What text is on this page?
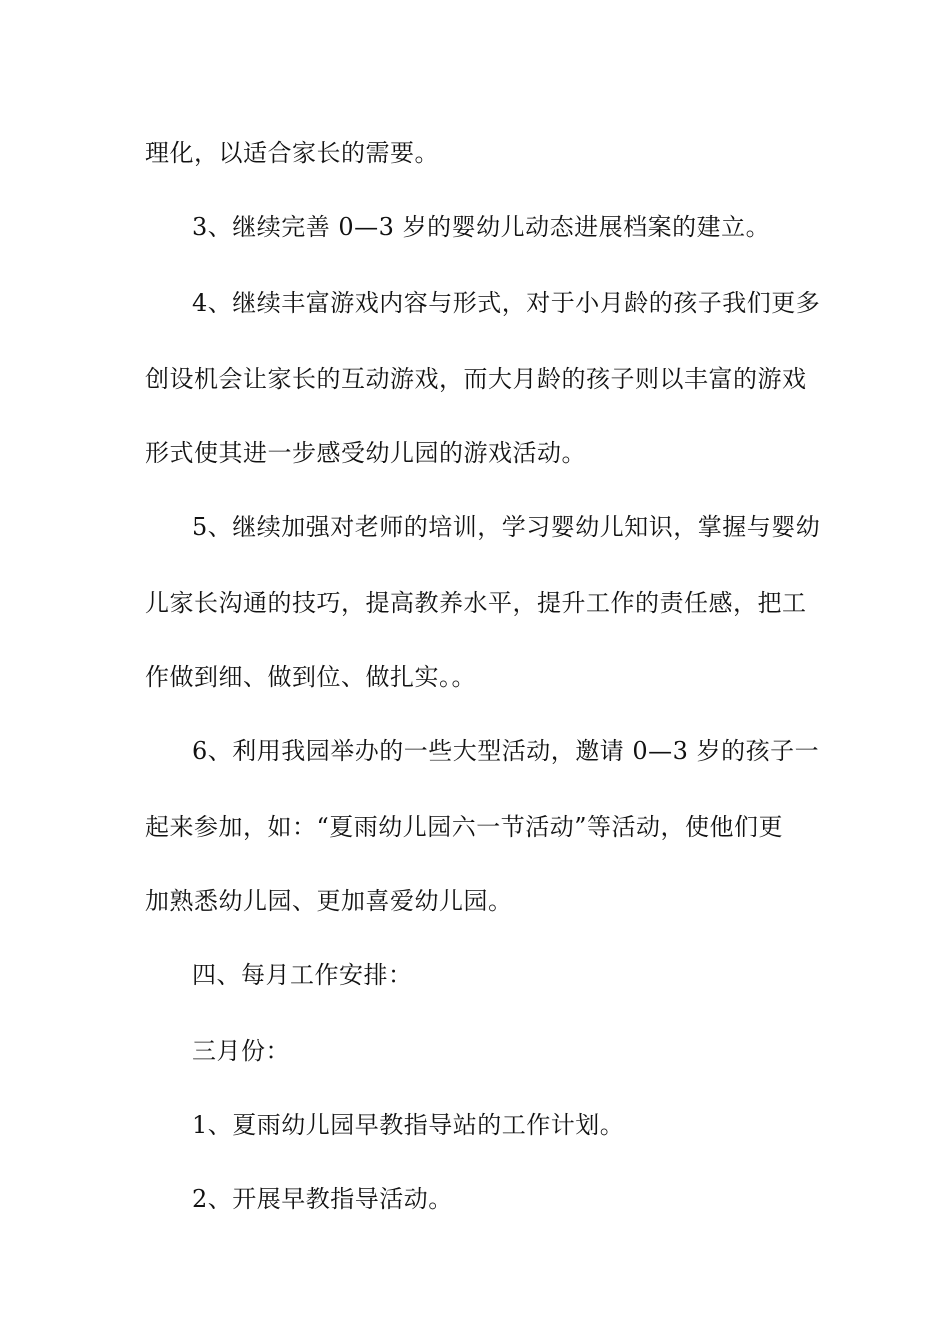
理化，以适合家长的需要。
3、继续完善 0—3 岁的婴幼儿动态进展档案的建立。
4、继续丰富游戏内容与形式，对于小月龄的孩子我们更多
创设机会让家长的互动游戏，而大月龄的孩子则以丰富的游戏
形式使其进一步感受幼儿园的游戏活动。
5、继续加强对老师的培训，学习婴幼儿知识，掌握与婴幼
儿家长沟通的技巧，提高教养水平，提升工作的责任感，把工
作做到细、做到位、做扎实。。
6、利用我园举办的一些大型活动，邀请 0—3 岁的孩子一
起来参加，如：“夏雨幼儿园六一节活动”等活动，使他们更
加熟悉幼儿园、更加喜爱幼儿园。
四、每月工作安排：
三月份：
1、夏雨幼儿园早教指导站的工作计划。
2、开展早教指导活动。
